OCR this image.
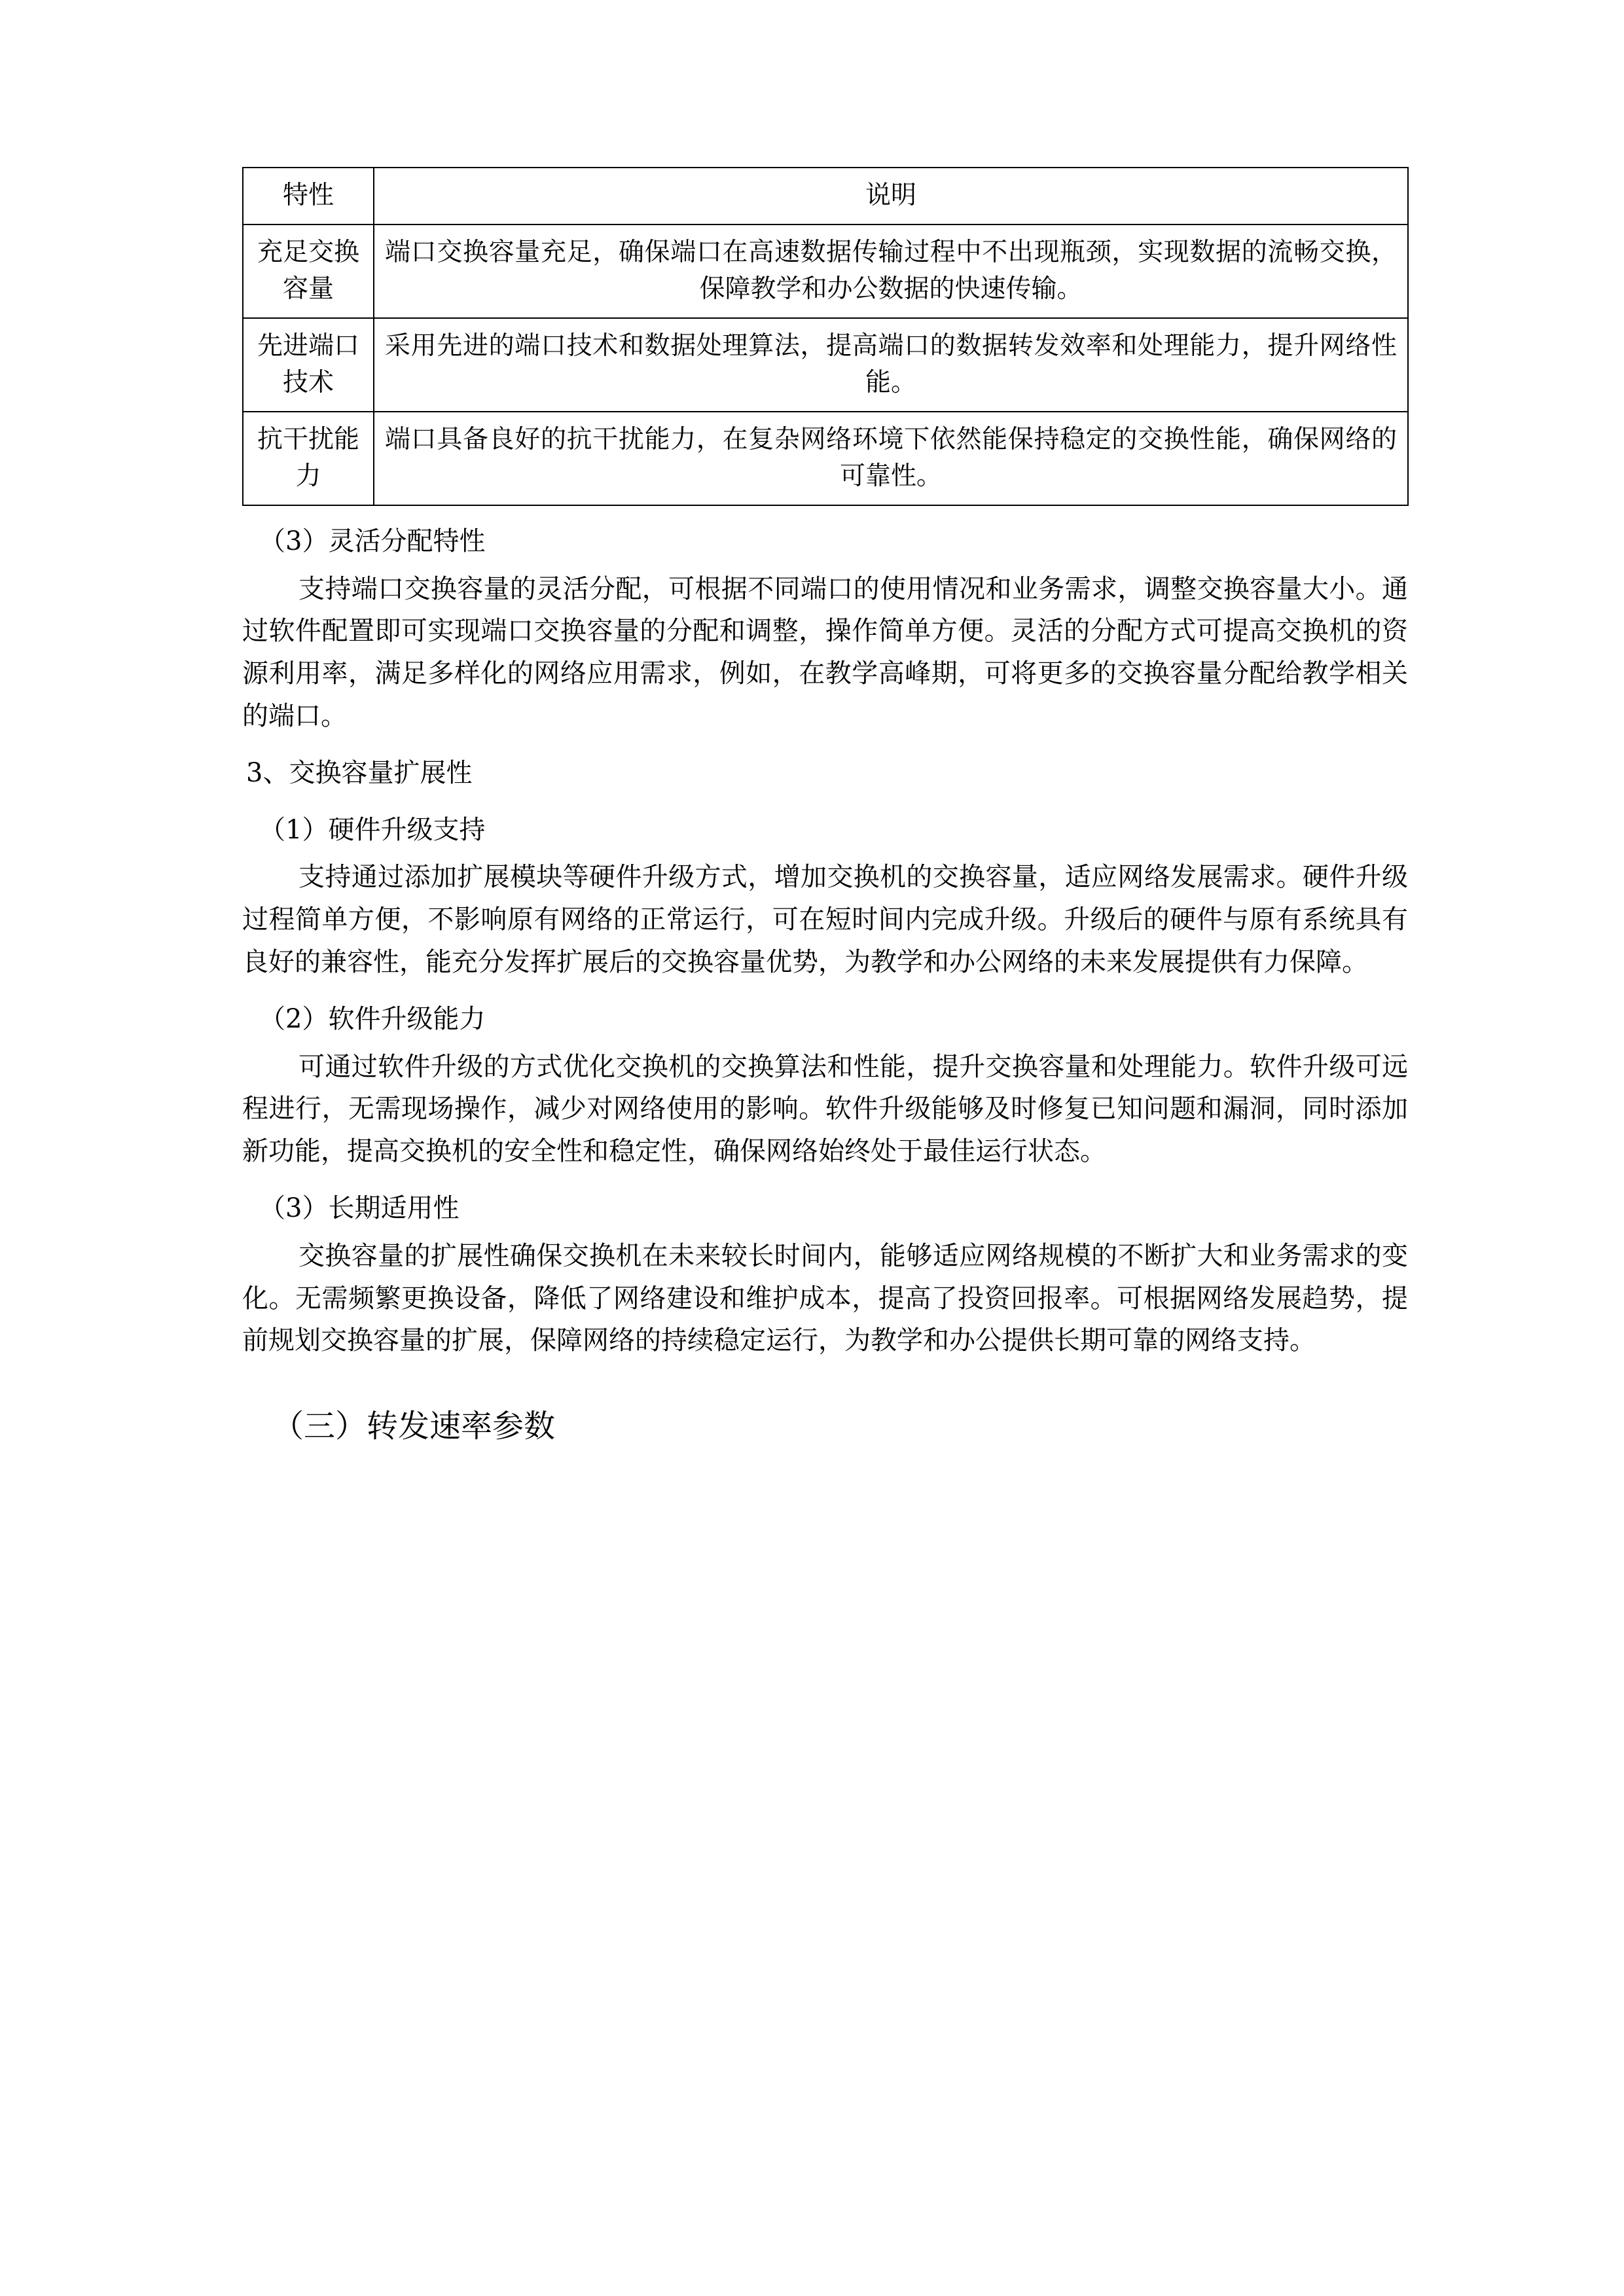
特性	说明
充足交换容量	端口交换容量充足，确保端口在高速数据传输过程中不出现瓶颈，实现数据的流畅交换，保障教学和办公数据的快速传输。
先进端口技术	采用先进的端口技术和数据处理算法，提高端口的数据转发效率和处理能力，提升网络性能。
抗干扰能力	端口具备良好的抗干扰能力，在复杂网络环境下依然能保持稳定的交换性能，确保网络的可靠性。

（3）灵活分配特性

支持端口交换容量的灵活分配，可根据不同端口的使用情况和业务需求，调整交换容量大小。通过软件配置即可实现端口交换容量的分配和调整，操作简单方便。灵活的分配方式可提高交换机的资源利用率，满足多样化的网络应用需求，例如，在教学高峰期，可将更多的交换容量分配给教学相关的端口。

3、交换容量扩展性

（1）硬件升级支持

支持通过添加扩展模块等硬件升级方式，增加交换机的交换容量，适应网络发展需求。硬件升级过程简单方便，不影响原有网络的正常运行，可在短时间内完成升级。升级后的硬件与原有系统具有良好的兼容性，能充分发挥扩展后的交换容量优势，为教学和办公网络的未来发展提供有力保障。

（2）软件升级能力

可通过软件升级的方式优化交换机的交换算法和性能，提升交换容量和处理能力。软件升级可远程进行，无需现场操作，减少对网络使用的影响。软件升级能够及时修复已知问题和漏洞，同时添加新功能，提高交换机的安全性和稳定性，确保网络始终处于最佳运行状态。

（3）长期适用性

交换容量的扩展性确保交换机在未来较长时间内，能够适应网络规模的不断扩大和业务需求的变化。无需频繁更换设备，降低了网络建设和维护成本，提高了投资回报率。可根据网络发展趋势，提前规划交换容量的扩展，保障网络的持续稳定运行，为教学和办公提供长期可靠的网络支持。

（三）转发速率参数
